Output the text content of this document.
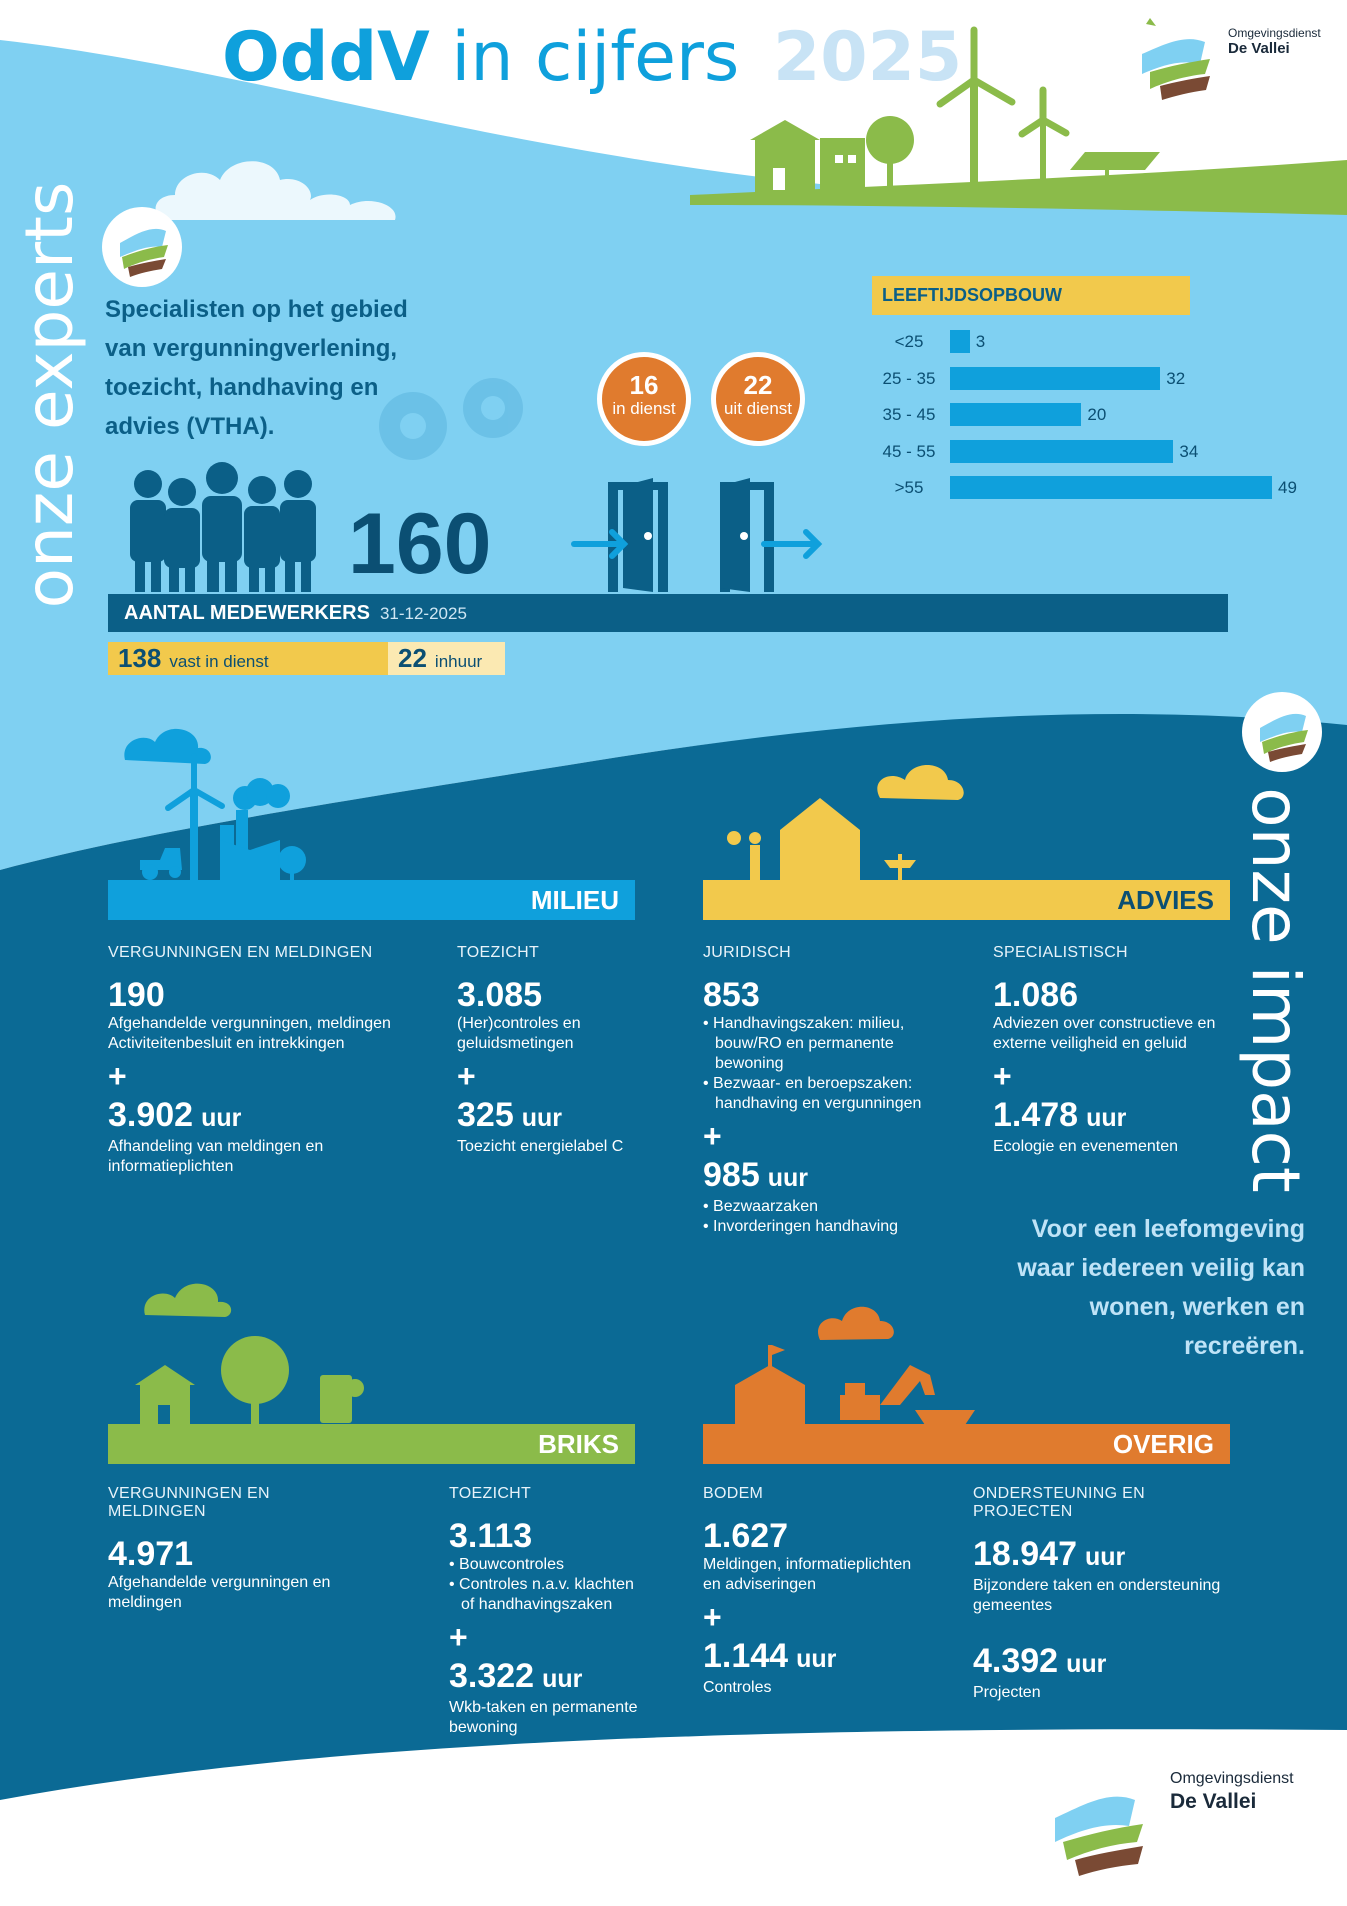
OddV in cijfers 2025	Omgevingsdienst
De Vallei
onze experts
onze impact
Specialisten op het gebied van vergunningverlening, toezicht, handhaving en advies (VTHA).
160
16
in dienst
22
uit dienst
LEEFTIJDSOPBOUW
<25	3
25 - 35	32
35 - 45	20
45 - 55	34
>55	49
AANTAL MEDEWERKERS 31-12-2025
138 vast in dienst	22 inhuur
MILIEU	ADVIES
VERGUNNINGEN EN MELDINGEN
190
Afgehandelde vergunningen, meldingen Activiteitenbesluit en intrekkingen
+
3.902 uur
Afhandeling van meldingen en informatieplichten
TOEZICHT
3.085
(Her)controles en geluidsmetingen
+
325 uur
Toezicht energielabel C
JURIDISCH
853
• Handhavingszaken: milieu, bouw/RO en permanente bewoning
• Bezwaar- en beroepszaken: handhaving en vergunningen
+
985 uur
• Bezwaarzaken
• Invorderingen handhaving
SPECIALISTISCH
1.086
Adviezen over constructieve en externe veiligheid en geluid
+
1.478 uur
Ecologie en evenementen
Voor een leefomgeving waar iedereen veilig kan wonen, werken en recreëren.
BRIKS	OVERIG
VERGUNNINGEN EN MELDINGEN
4.971
Afgehandelde vergunningen en meldingen
TOEZICHT
3.113
• Bouwcontroles
• Controles n.a.v. klachten of handhavingszaken
+
3.322 uur
Wkb-taken en permanente bewoning
BODEM
1.627
Meldingen, informatieplichten en adviseringen
+
1.144 uur
Controles
ONDERSTEUNING EN PROJECTEN
18.947 uur
Bijzondere taken en ondersteuning gemeentes
4.392 uur
Projecten
Omgevingsdienst
De Vallei
